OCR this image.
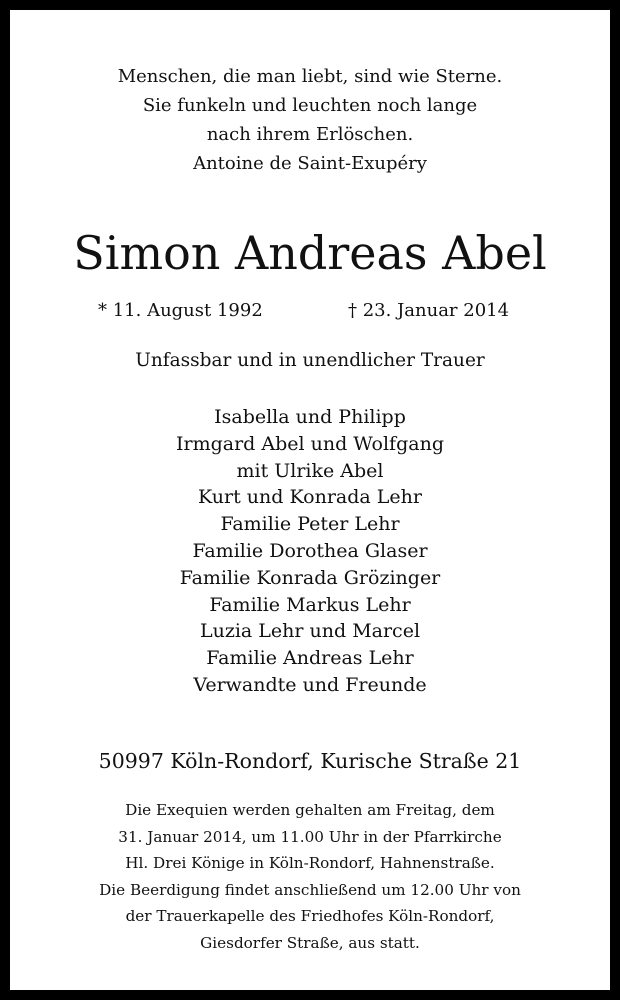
Menschen, die man liebt, sind wie Sterne.
Sie funkeln und leuchten noch lange
nach ihrem Erlöschen.
Antoine de Saint-Exupéry
Simon Andreas Abel
* 11. August 1992	† 23. Januar 2014
Unfassbar und in unendlicher Trauer
Isabella und Philipp
Irmgard Abel und Wolfgang
mit Ulrike Abel
Kurt und Konrada Lehr
Familie Peter Lehr
Familie Dorothea Glaser
Familie Konrada Grözinger
Familie Markus Lehr
Luzia Lehr und Marcel
Familie Andreas Lehr
Verwandte und Freunde
50997 Köln-Rondorf, Kurische Straße 21
Die Exequien werden gehalten am Freitag, dem
31. Januar 2014, um 11.00 Uhr in der Pfarrkirche
Hl. Drei Könige in Köln-Rondorf, Hahnenstraße.
Die Beerdigung findet anschließend um 12.00 Uhr von
der Trauerkapelle des Friedhofes Köln-Rondorf,
Giesdorfer Straße, aus statt.
